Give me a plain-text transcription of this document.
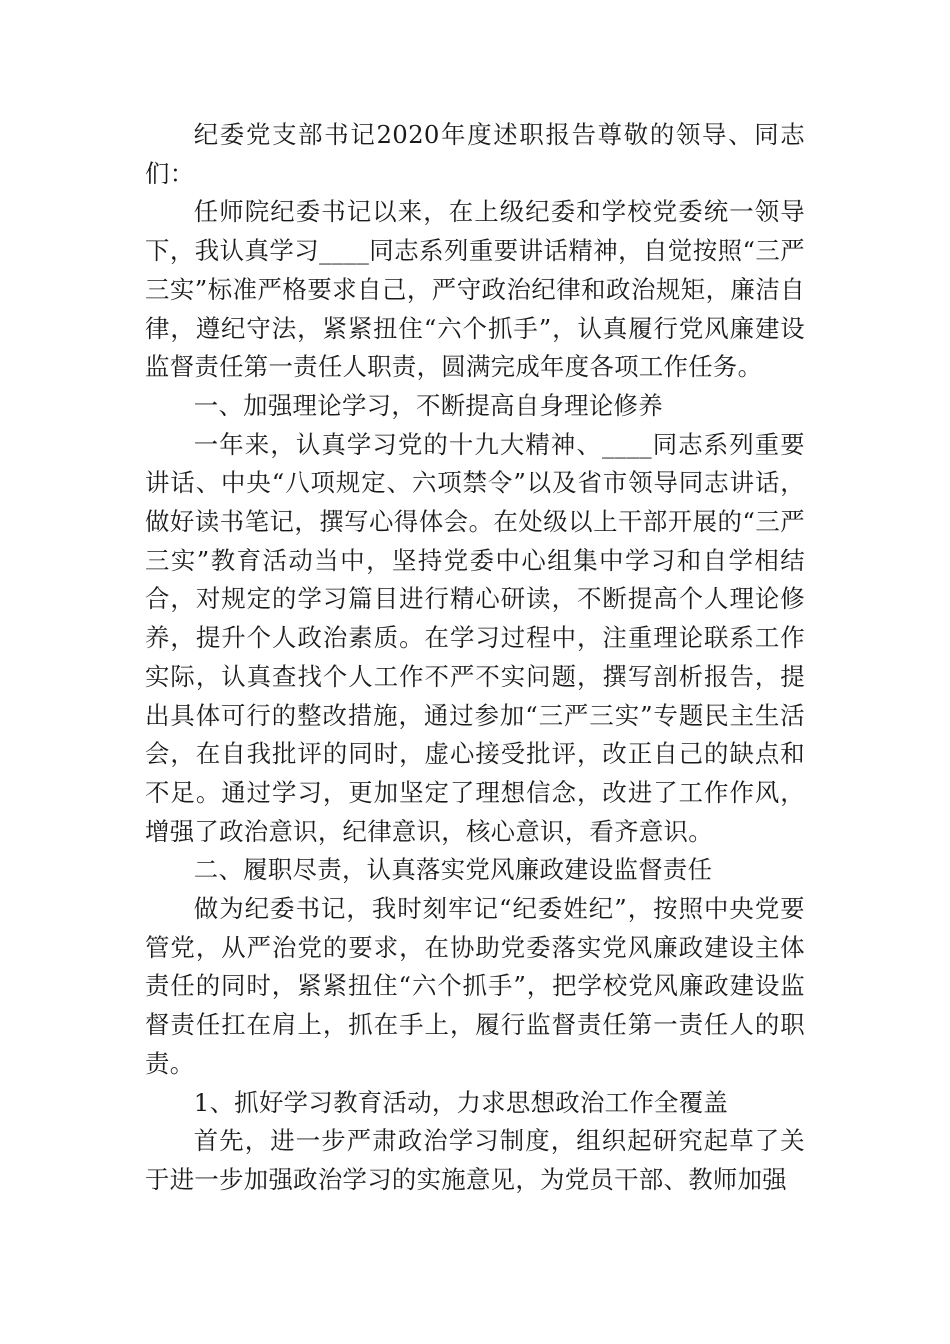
纪委党支部书记2020年度述职报告尊敬的领导、同志们：

任师院纪委书记以来，在上级纪委和学校党委统一领导下，我认真学习____同志系列重要讲话精神，自觉按照“三严三实”标准严格要求自己，严守政治纪律和政治规矩，廉洁自律，遵纪守法，紧紧扭住“六个抓手”，认真履行党风廉建设监督责任第一责任人职责，圆满完成年度各项工作任务。

一、加强理论学习，不断提高自身理论修养

一年来，认真学习党的十九大精神、____同志系列重要讲话、中央“八项规定、六项禁令”以及省市领导同志讲话，做好读书笔记，撰写心得体会。在处级以上干部开展的“三严三实”教育活动当中，坚持党委中心组集中学习和自学相结合，对规定的学习篇目进行精心研读，不断提高个人理论修养，提升个人政治素质。在学习过程中，注重理论联系工作实际，认真查找个人工作不严不实问题，撰写剖析报告，提出具体可行的整改措施，通过参加“三严三实”专题民主生活会，在自我批评的同时，虚心接受批评，改正自己的缺点和不足。通过学习，更加坚定了理想信念，改进了工作作风，增强了政治意识，纪律意识，核心意识，看齐意识。

二、履职尽责，认真落实党风廉政建设监督责任

做为纪委书记，我时刻牢记“纪委姓纪”，按照中央党要管党，从严治党的要求，在协助党委落实党风廉政建设主体责任的同时，紧紧扭住“六个抓手”，把学校党风廉政建设监督责任扛在肩上，抓在手上，履行监督责任第一责任人的职责。

1、抓好学习教育活动，力求思想政治工作全覆盖

首先，进一步严肃政治学习制度，组织起研究起草了关于进一步加强政治学习的实施意见，为党员干部、教师加强
